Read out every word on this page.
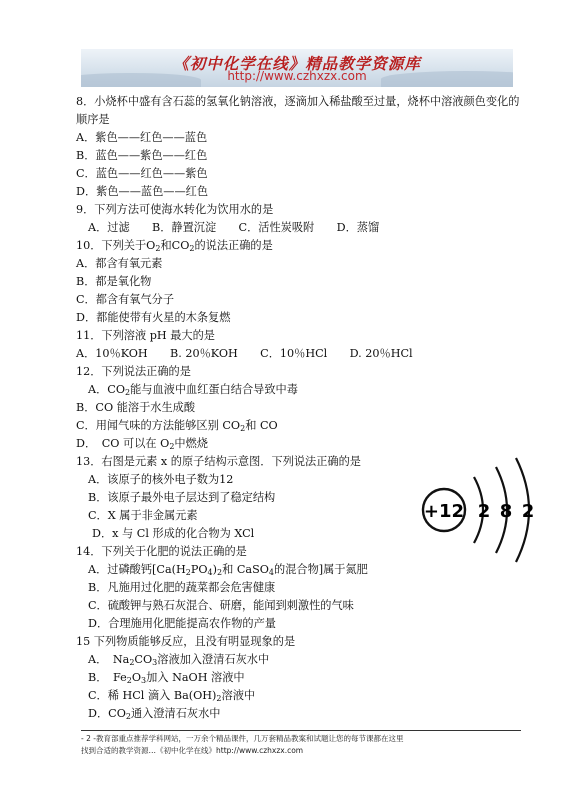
《初中化学在线》精品教学资源库
http://www.czhxzx.com
8．小烧杯中盛有含石蕊的氢氧化钠溶液，逐滴加入稀盐酸至过量，烧杯中溶液颜色变化的
顺序是
A．紫色——红色——蓝色
B．蓝色——紫色——红色
C．蓝色——红色——紫色
D．紫色——蓝色——红色
9．下列方法可使海水转化为饮用水的是
A．过滤　　B．静置沉淀　　C．活性炭吸附　　D．蒸馏
10．下列关于$O_2$和$CO_2$的说法正确的是
A．都含有氧元素
B．都是氧化物
C．都含有氧气分子
D．都能使带有火星的木条复燃
11．下列溶液 pH 最大的是
A．10％KOH　　B. 20％KOH　　C．10％HCl　　D. 20％HCl
12．下列说法正确的是
A．$CO_2$能与血液中血红蛋白结合导致中毒
B．CO 能溶于水生成酸
C．用闻气味的方法能够区别 $CO_2$和 CO
D．　CO 可以在 $O_2$中燃烧
13．右图是元素 x 的原子结构示意图．下列说法正确的是
A．该原子的核外电子数为12
B．该原子最外电子层达到了稳定结构
C．X 属于非金属元素
D．x 与 Cl 形成的化合物为 XCl
14．下列关于化肥的说法正确的是
A．过磷酸钙[$Ca(H_2PO_4)_2$和 CaSO$_4$的混合物]属于氮肥
B．凡施用过化肥的蔬菜都会危害健康
C．硫酸钾与熟石灰混合、研磨，能闻到刺激性的气味
D．合理施用化肥能提高农作物的产量
15 下列物质能够反应，且没有明显现象的是
A．　$Na_2CO_3$溶液加入澄清石灰水中
B．　$Fe_2O_3$加入 NaOH 溶液中
C．稀 HCl 滴入 $Ba(OH)_2$溶液中
D．$CO_2$通入澄清石灰水中
+12 2 8 2
- 2 -教育部重点推荐学科网站，一万余个精品课件，几万套精品教案和试题让您的每节课都在这里
找到合适的教学资源…《初中化学在线》http://www.czhxzx.com
